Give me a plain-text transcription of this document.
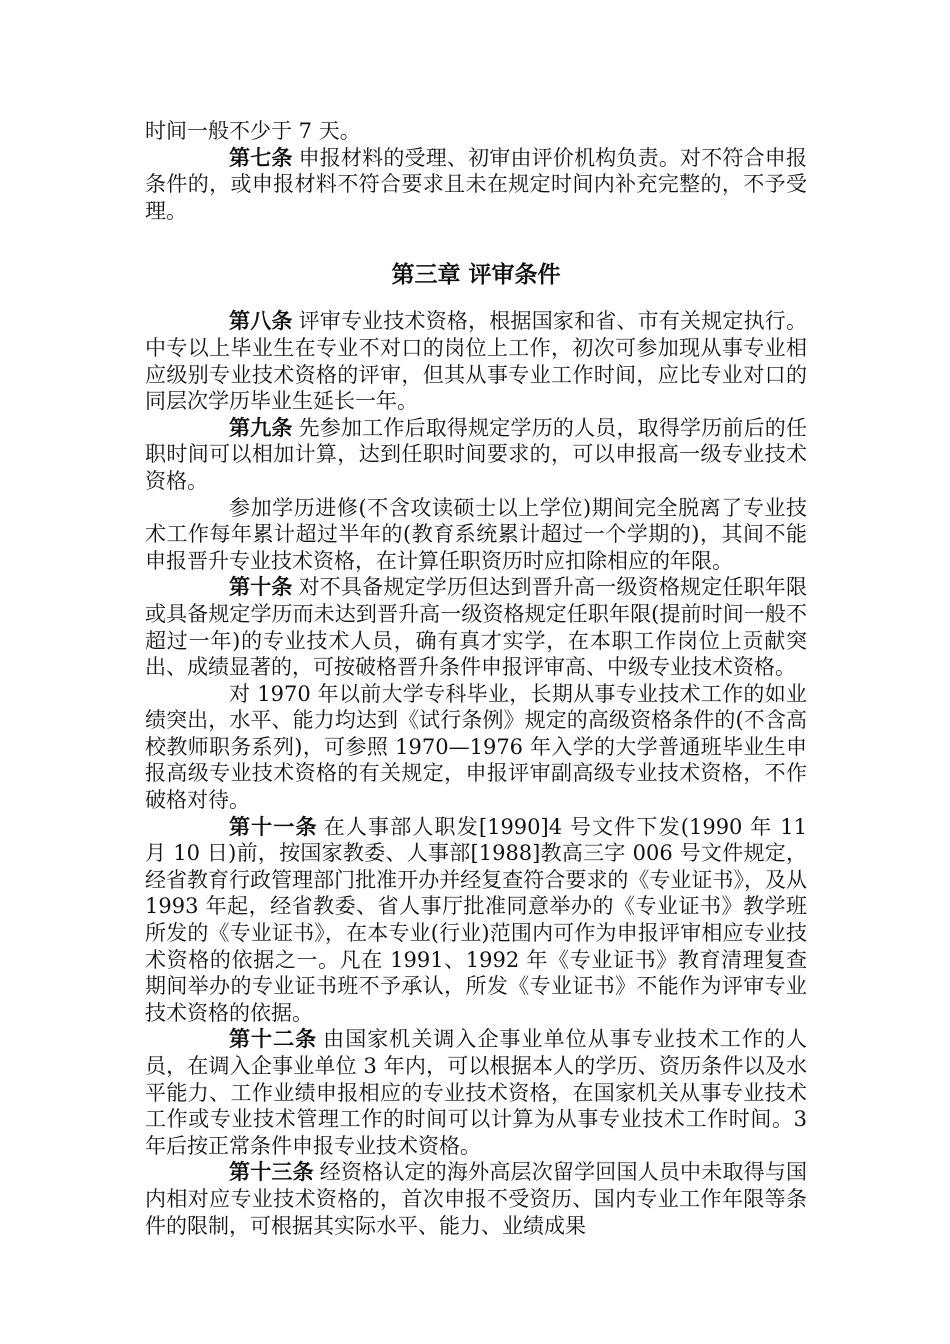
时间一般不少于 7 天。

第七条 申报材料的受理、初审由评价机构负责。对不符合申报条件的，或申报材料不符合要求且未在规定时间内补充完整的，不予受理。

第三章 评审条件

第八条 评审专业技术资格，根据国家和省、市有关规定执行。中专以上毕业生在专业不对口的岗位上工作，初次可参加现从事专业相应级别专业技术资格的评审，但其从事专业工作时间，应比专业对口的同层次学历毕业生延长一年。

第九条 先参加工作后取得规定学历的人员，取得学历前后的任职时间可以相加计算，达到任职时间要求的，可以申报高一级专业技术资格。

参加学历进修(不含攻读硕士以上学位)期间完全脱离了专业技术工作每年累计超过半年的(教育系统累计超过一个学期的)，其间不能申报晋升专业技术资格，在计算任职资历时应扣除相应的年限。

第十条 对不具备规定学历但达到晋升高一级资格规定任职年限或具备规定学历而未达到晋升高一级资格规定任职年限(提前时间一般不超过一年)的专业技术人员，确有真才实学，在本职工作岗位上贡献突出、成绩显著的，可按破格晋升条件申报评审高、中级专业技术资格。

对 1970 年以前大学专科毕业，长期从事专业技术工作的如业绩突出，水平、能力均达到《试行条例》规定的高级资格条件的(不含高校教师职务系列)，可参照 1970—1976 年入学的大学普通班毕业生申报高级专业技术资格的有关规定，申报评审副高级专业技术资格，不作破格对待。

第十一条 在人事部人职发[1990]4 号文件下发(1990 年 11 月 10 日)前，按国家教委、人事部[1988]教高三字 006 号文件规定，经省教育行政管理部门批准开办并经复查符合要求的《专业证书》，及从 1993 年起，经省教委、省人事厅批准同意举办的《专业证书》教学班所发的《专业证书》，在本专业(行业)范围内可作为申报评审相应专业技术资格的依据之一。凡在 1991、1992 年《专业证书》教育清理复查期间举办的专业证书班不予承认，所发《专业证书》不能作为评审专业技术资格的依据。

第十二条 由国家机关调入企事业单位从事专业技术工作的人员，在调入企事业单位 3 年内，可以根据本人的学历、资历条件以及水平能力、工作业绩申报相应的专业技术资格，在国家机关从事专业技术工作或专业技术管理工作的时间可以计算为从事专业技术工作时间。3 年后按正常条件申报专业技术资格。

第十三条 经资格认定的海外高层次留学回国人员中未取得与国内相对应专业技术资格的，首次申报不受资历、国内专业工作年限等条件的限制，可根据其实际水平、能力、业绩成果
